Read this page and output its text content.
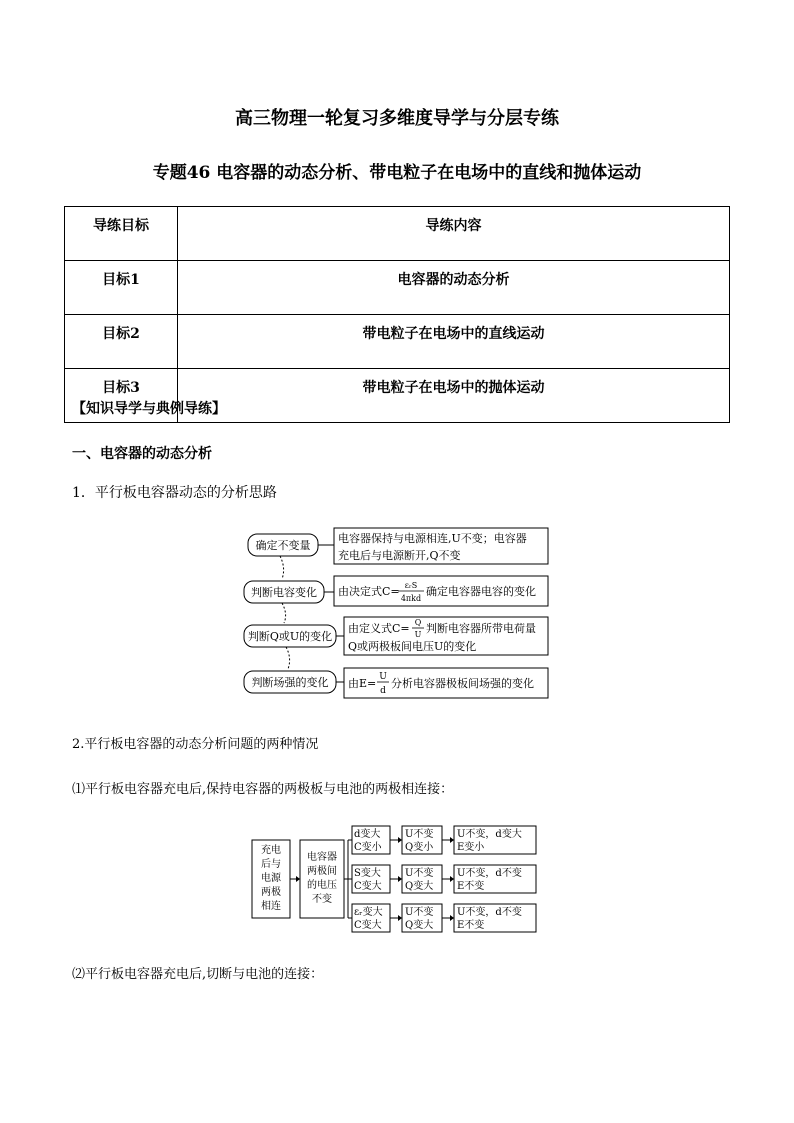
高三物理一轮复习多维度导学与分层专练
专题46 电容器的动态分析、带电粒子在电场中的直线和抛体运动
导练目标	导练内容
目标1	电容器的动态分析
目标2	带电粒子在电场中的直线运动
目标3	带电粒子在电场中的抛体运动
【知识导学与典例导练】
一、电容器的动态分析
1．平行板电容器动态的分析思路
确定不变量
判断电容变化
判断Q或U的变化
判断场强的变化
电容器保持与电源相连,U不变；电容器
充电后与电源断开,Q不变
由决定式C= εᵣS
4πkd
确定电容器电容的变化
由定义式C= Q
U 判断电容器所带电荷量
Q或两极板间电压U的变化
由E= U
d
分析电容器极板间场强的变化
2.平行板电容器的动态分析问题的两种情况
⑴平行板电容器充电后,保持电容器的两极板与电池的两极相连接：
充电
后与
电源
两极
相连
电容器
两极间
的电压
不变
d变大
C变小
U不变
Q变小
U不变，d变大
E变小
S变大
C变大
U不变
Q变大
U不变，d不变
E不变
εᵣ变大
C变大
U不变
Q变大
U不变，d不变
E不变
⑵平行板电容器充电后,切断与电池的连接：
